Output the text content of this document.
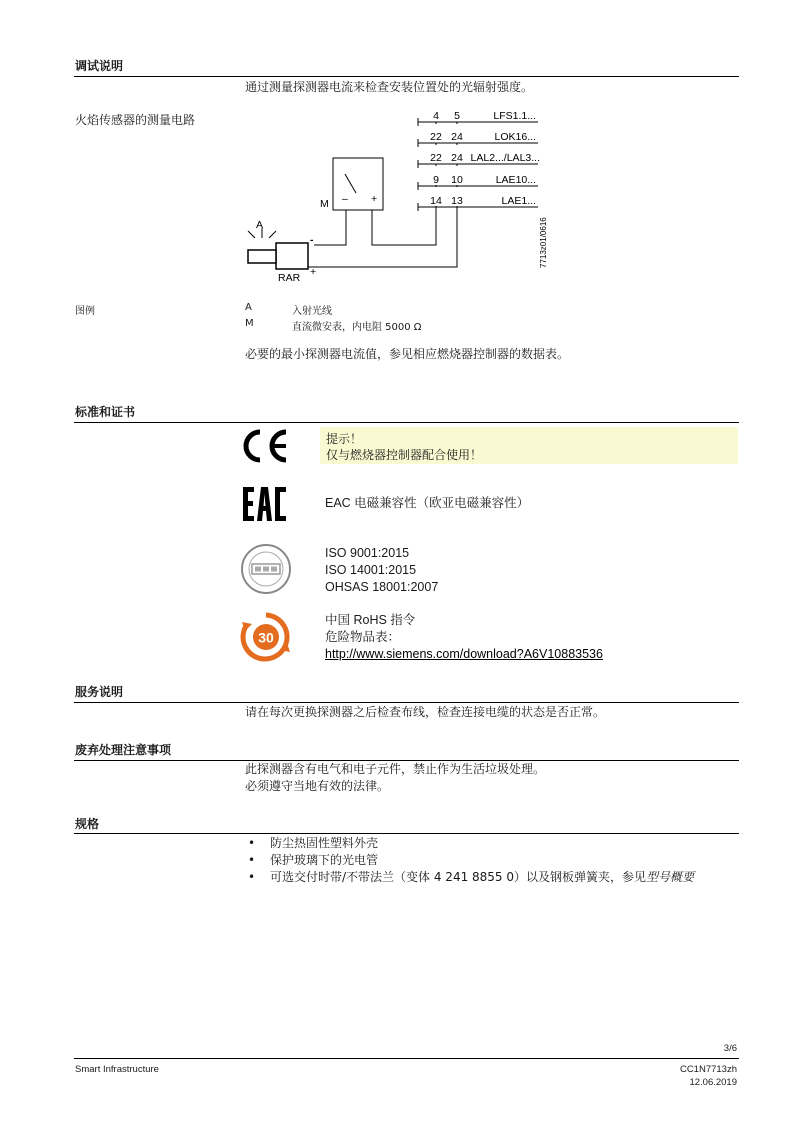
调试说明
通过测量探测器电流来检查安装位置处的光辐射强度。
火焰传感器的测量电路	4 5	LFS1.1...
22 24	LOK16...
22 24 LAL2.../LAL3...
9 10	LAE10...
14 13	LAE1...
– +
M
RAR
-
+
A	7713z01/0616
图例	A	入射光线
M	直流微安表，内电阻 5000 Ω
必要的最小探测器电流值，参见相应燃烧器控制器的数据表。
标准和证书
提示！
仅与燃烧器控制器配合使用！
EAC 电磁兼容性（欧亚电磁兼容性）
ISO 9001:2015
ISO 14001:2015
OHSAS 18001:2007
30
中国 RoHS 指令
危险物品表：
http://www.siemens.com/download?A6V10883536
服务说明
请在每次更换探测器之后检查布线，检查连接电缆的状态是否正常。
废弃处理注意事项
此探测器含有电气和电子元件，禁止作为生活垃圾处理。
必须遵守当地有效的法律。
规格
• 防尘热固性塑料外壳
• 保护玻璃下的光电管
• 可选交付时带/不带法兰（变体 4 241 8855 0）以及钢板弹簧夹，参见型号概要
3/6
Smart Infrastructure	CC1N7713zh
12.06.2019
